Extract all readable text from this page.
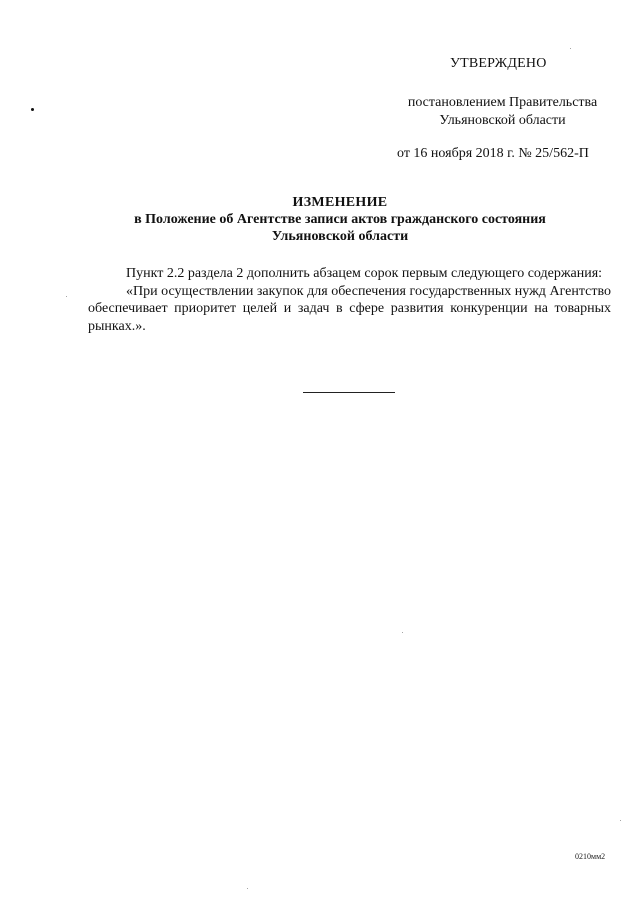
УТВЕРЖДЕНО
постановлением Правительства
Ульяновской области
от 16 ноября 2018 г. № 25/562-П
ИЗМЕНЕНИЕ
в Положение об Агентстве записи актов гражданского состояния
Ульяновской области

Пункт 2.2 раздела 2 дополнить абзацем сорок первым следующего содержания:

«При осуществлении закупок для обеспечения государственных нужд Агентство обеспечивает приоритет целей и задач в сфере развития конкуренции на товарных рынках.».

0210мм2
